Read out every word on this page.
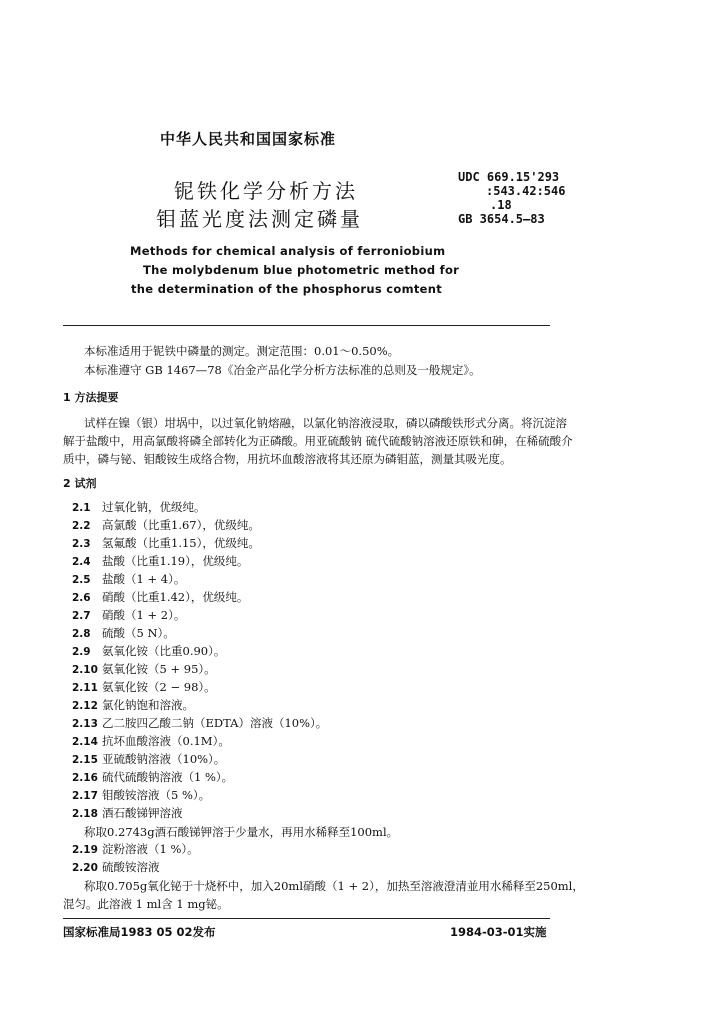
中华人民共和国国家标准
铌铁化学分析方法
钼蓝光度法测定磷量
UDC 669.15'293
:543.42:546
.18
GB 3654.5—83
Methods for chemical analysis of ferroniobium
The molybdenum blue photometric method for
the determination of the phosphorus comtent
本标准适用于铌铁中磷量的测定。测定范围：0.01～0.50%。
本标准遵守 GB 1467—78《冶金产品化学分析方法标准的总则及一般规定》。
1 方法提要
试样在镍（银）坩埚中，以过氧化钠熔融，以氯化钠溶液浸取，磷以磷酸铁形式分离。将沉淀溶
解于盐酸中，用高氯酸将磷全部转化为正磷酸。用亚硫酸钠 硫代硫酸钠溶液还原铁和砷，在稀硫酸介
质中，磷与铋、钼酸铵生成络合物，用抗坏血酸溶液将其还原为磷钼蓝，测量其吸光度。
2 试剂
2.1 过氧化钠，优级纯。
2.2 高氯酸（比重1.67），优级纯。
2.3 氢氟酸（比重1.15），优级纯。
2.4 盐酸（比重1.19），优级纯。
2.5 盐酸（1 + 4）。
2.6 硝酸（比重1.42），优级纯。
2.7 硝酸（1 + 2）。
2.8 硫酸（5 N）。
2.9 氨氧化铵（比重0.90）。
2.10 氨氧化铵（5 + 95）。
2.11 氨氧化铵（2 − 98）。
2.12 氯化钠饱和溶液。
2.13 乙二胺四乙酸二钠（EDTA）溶液（10%）。
2.14 抗坏血酸溶液（0.1M）。
2.15 亚硫酸钠溶液（10%）。
2.16 硫代硫酸钠溶液（1 %）。
2.17 钼酸铵溶液（5 %）。
2.18 酒石酸锑钾溶液
称取0.2743g酒石酸锑钾溶于少量水，再用水稀释至100ml。
2.19 淀粉溶液（1 %）。
2.20 硫酸铵溶液
称取0.705g氧化铋于十烧杯中，加入20ml硝酸（1 + 2），加热至溶液澄清並用水稀释至250ml，
混匀。此溶液 1 ml含 1 mg铋。
国家标准局1983 05 02发布	1984-03-01实施
